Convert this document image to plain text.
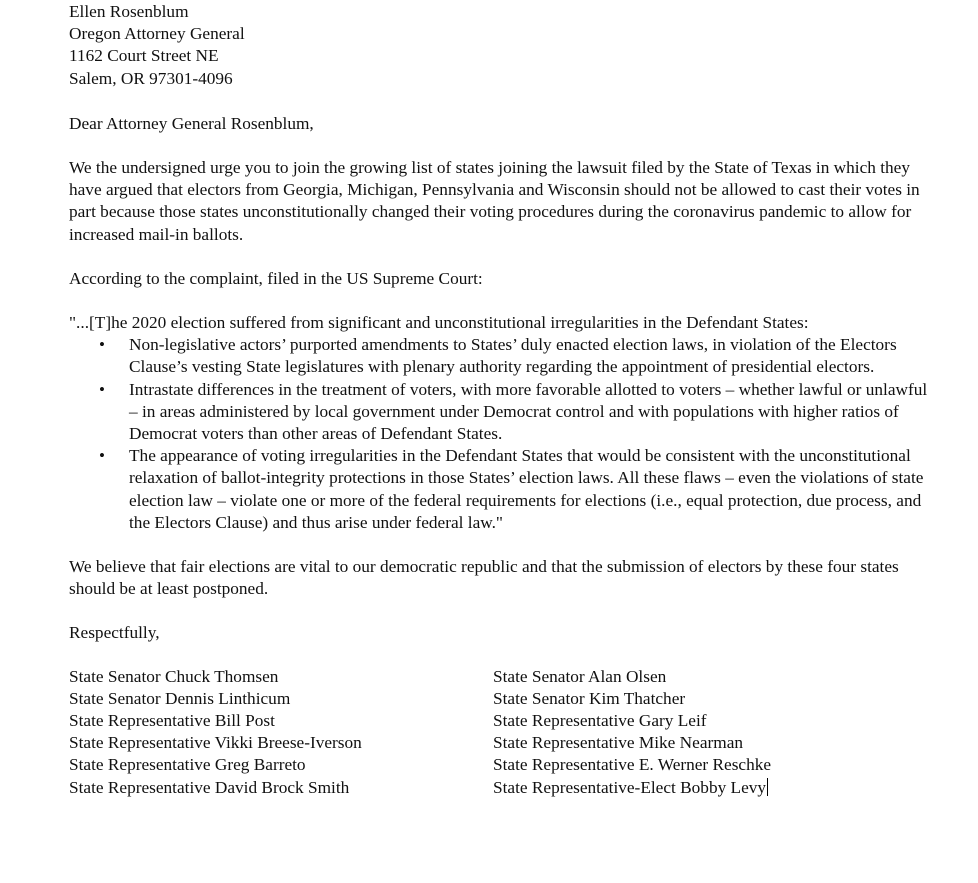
Ellen Rosenblum
Oregon Attorney General
1162 Court Street NE
Salem, OR 97301-4096
Dear Attorney General Rosenblum,
We the undersigned urge you to join the growing list of states joining the lawsuit filed by the State of Texas in which they have argued that electors from Georgia, Michigan, Pennsylvania and Wisconsin should not be allowed to cast their votes in part because those states unconstitutionally changed their voting procedures during the coronavirus pandemic to allow for increased mail-in ballots.
According to the complaint, filed in the US Supreme Court:
"...[T]he 2020 election suffered from significant and unconstitutional irregularities in the Defendant States:
• Non-legislative actors’ purported amendments to States’ duly enacted election laws, in violation of the Electors Clause’s vesting State legislatures with plenary authority regarding the appointment of presidential electors.
• Intrastate differences in the treatment of voters, with more favorable allotted to voters – whether lawful or unlawful – in areas administered by local government under Democrat control and with populations with higher ratios of Democrat voters than other areas of Defendant States.
• The appearance of voting irregularities in the Defendant States that would be consistent with the unconstitutional relaxation of ballot-integrity protections in those States’ election laws. All these flaws – even the violations of state election law – violate one or more of the federal requirements for elections (i.e., equal protection, due process, and the Electors Clause) and thus arise under federal law."
We believe that fair elections are vital to our democratic republic and that the submission of electors by these four states should be at least postponed.
Respectfully,
State Senator Chuck Thomsen
State Senator Dennis Linthicum
State Representative Bill Post
State Representative Vikki Breese-Iverson
State Representative Greg Barreto
State Representative David Brock Smith
State Senator Alan Olsen
State Senator Kim Thatcher
State Representative Gary Leif
State Representative Mike Nearman
State Representative E. Werner Reschke
State Representative-Elect Bobby Levy
